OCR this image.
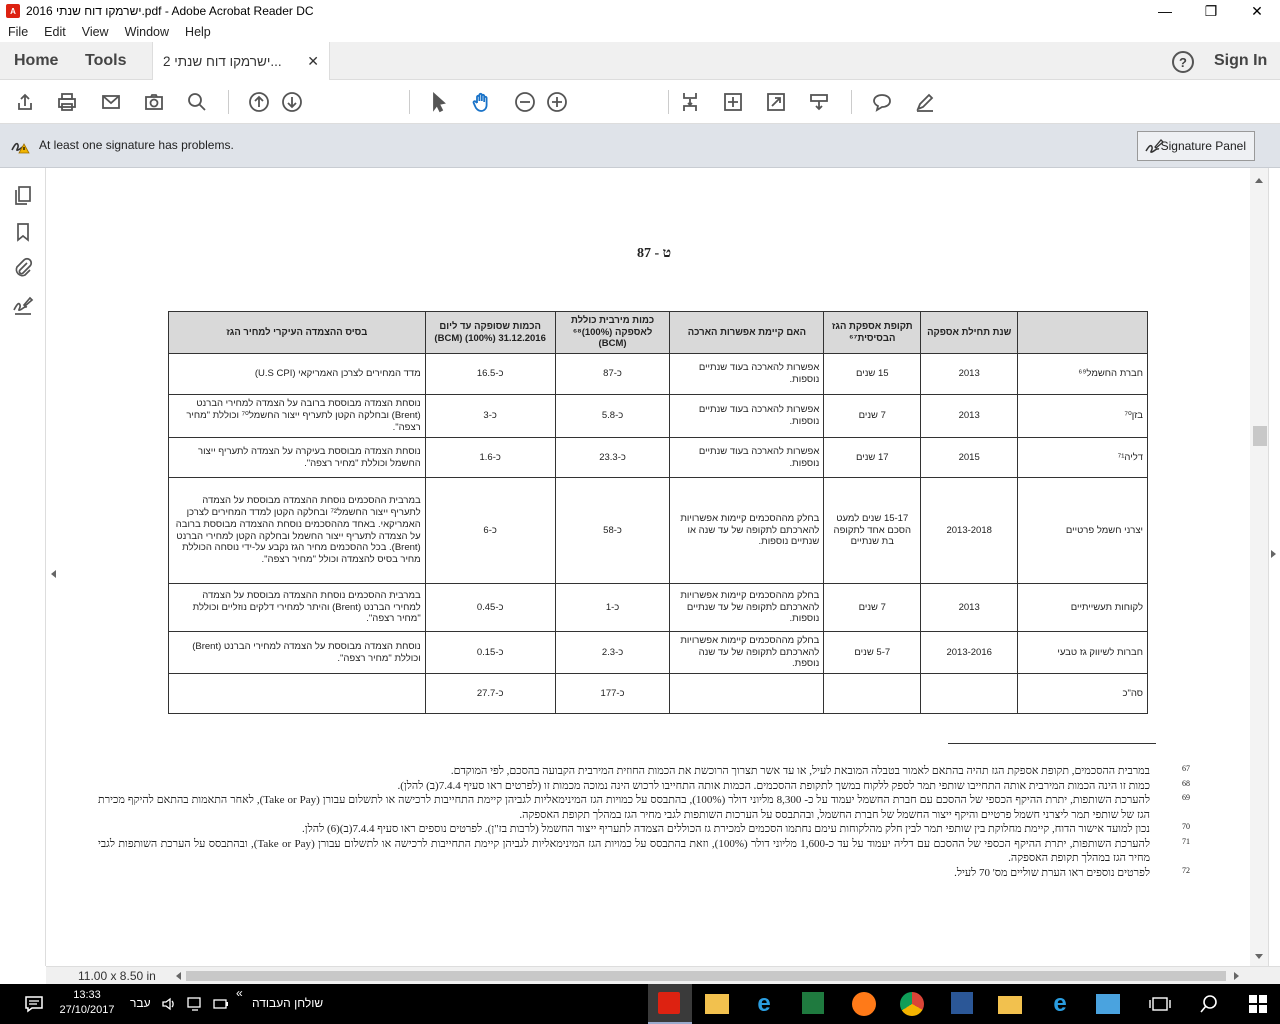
A ישרמקו דוח שנתי 2016.pdf - Adobe Acrobat Reader DC	—	❐	✕
File	Edit	View	Window	Help
Home Tools	ישרמקו דוח שנתי 2... ✕	?	Sign In
At least one signature has problems.	Signature Panel
ט - 87
	שנת תחילת אספקה	תקופת אספקת הגז הבסיסית⁶⁷	האם קיימת אפשרות הארכה	כמות מירבית כוללת לאספקה (100%)⁶⁸ (BCM)	הכמות שסופקה עד ליום 31.12.2016 (100%) (BCM)	בסיס ההצמדה העיקרי למחיר הגז
חברת החשמל⁶⁹	2013	15 שנים	אפשרות להארכה בעוד שנתיים נוספות.	כ-87	כ-16.5	מדד המחירים לצרכן האמריקאי (U.S CPI)
בזן⁷⁰	2013	7 שנים	אפשרות להארכה בעוד שנתיים נוספות.	כ-5.8	כ-3	נוסחת הצמדה מבוססת ברובה על הצמדה למחירי הברנט (Brent) ובחלקה הקטן לתעריף ייצור החשמל⁷⁰ וכוללת "מחיר רצפה".
דליה⁷¹	2015	17 שנים	אפשרות להארכה בעוד שנתיים נוספות.	כ-23.3	כ-1.6	נוסחת הצמדה מבוססת בעיקרה על הצמדה לתעריף ייצור החשמל וכוללת "מחיר רצפה".
יצרני חשמל פרטיים	2013-2018	15-17 שנים למעט הסכם אחד לתקופה בת שנתיים	בחלק מההסכמים קיימות אפשרויות להארכתם לתקופה של עד שנה או שנתיים נוספות.	כ-58	כ-6	במרבית ההסכמים נוסחת ההצמדה מבוססת על הצמדה לתעריף ייצור החשמל⁷² ובחלקה הקטן למדד המחירים לצרכן האמריקאי. באחד מההסכמים נוסחת ההצמדה מבוססת ברובה על הצמדה לתעריף ייצור החשמל ובחלקה הקטן למחירי הברנט (Brent). בכל ההסכמים מחיר הגז נקבע על-ידי נוסחה הכוללת מחיר בסיס להצמדה וכולל "מחיר רצפה".
לקוחות תעשייתיים	2013	7 שנים	בחלק מההסכמים קיימות אפשרויות להארכתם לתקופה של עד שנתיים נוספות.	כ-1	כ-0.45	במרבית ההסכמים נוסחת ההצמדה מבוססת על הצמדה למחירי הברנט (Brent) והיתר למחירי דלקים נוזליים וכוללת "מחיר רצפה".
חברות לשיווק גז טבעי	2013-2016	5-7 שנים	בחלק מההסכמים קיימות אפשרויות להארכתם לתקופה של עד שנה נוספת.	כ-2.3	כ-0.15	נוסחת הצמדה מבוססת על הצמדה למחירי הברנט (Brent) וכוללת "מחיר רצפה".
סה"כ				כ-177	כ-27.7	
67
במרבית ההסכמים, תקופת אספקת הגז תהיה בהתאם לאמור בטבלה המובאת לעיל, או עד אשר תצרוך הרוכשת את הכמות החוזית המירבית הקבועה בהסכם, לפי המוקדם.
68
כמות זו הינה הכמות המירבית אותה התחייבו שותפי תמר לספק ללקוח במשך לתקופת ההסכמים. הכמות אותה התחייבו לרכוש הינה נמוכה מכמות זו (לפרטים ראו סעיף 7.4.4(ב) להלן).
69
להערכת השותפות, יתרת ההיקף הכספי של ההסכם עם חברת החשמל יעמוד על כ- 8,300 מליוני דולר (100%), בהתבסס על כמויות הגז המינימאליות לגביהן קיימת התחייבות לרכישה או לתשלום עבורן (Take or Pay), לאחר התאמות בהתאם להיקף מכירת הגז של שותפי תמר ליצרני חשמל פרטיים והיקף ייצור החשמל של חברת החשמל, ובהתבסס על הערכות השותפות לגבי מחיר הגז במהלך תקופת האספקה.
70
נכון למועד אישור הדוח, קיימת מחלוקת בין שותפי תמר לבין חלק מהלקוחות עימם נחתמו הסכמים למכירת גז הכוללים הצמדה לתעריף ייצור החשמל (לרבות בז"ן). לפרטים נוספים ראו סעיף 7.4.4(ב)(6) להלן.
71
להערכת השותפות, יתרת ההיקף הכספי של ההסכם עם דליה יעמוד על עד כ-1,600 מליוני דולר (100%), וזאת בהתבסס על כמויות הגז המינימאליות לגביהן קיימת התחייבות לרכישה או לתשלום עבורן (Take or Pay), ובהתבסס על הערכת השותפות לגבי מחיר הגז במהלך תקופת האספקה.
72
לפרטים נוספים ראו הערת שוליים מס' 70 לעיל.
11.00 x 8.50 in
13:33
27/10/2017 עבר
«
שולחן העבודה	e	e
